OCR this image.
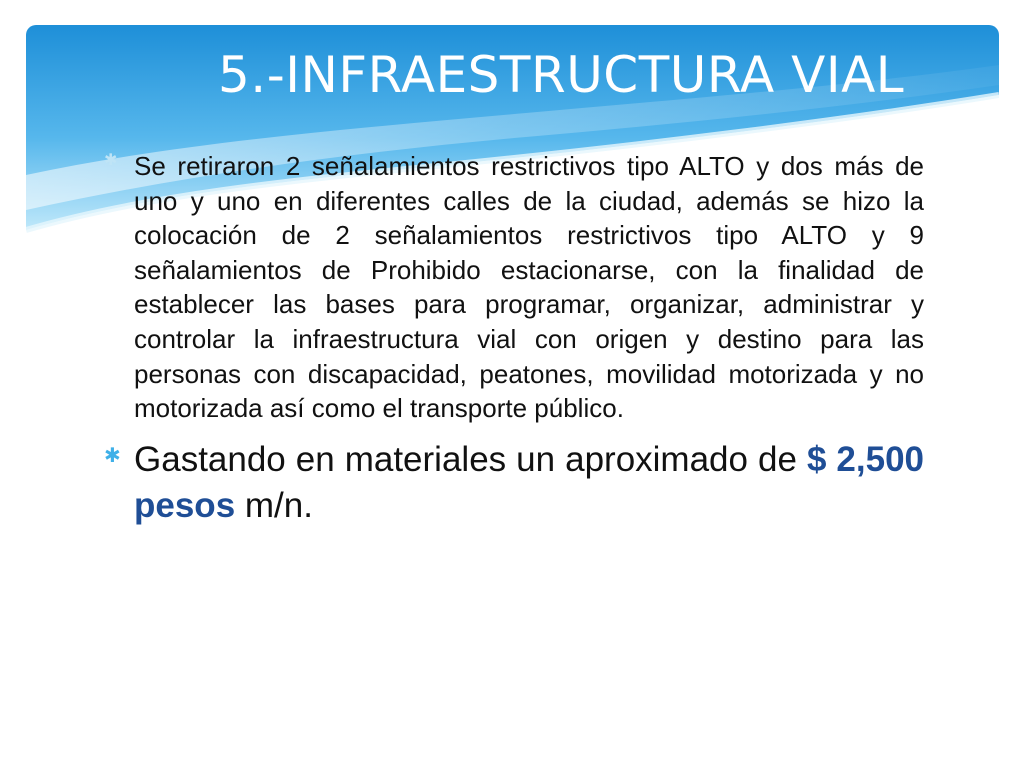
5.-INFRAESTRUCTURA VIAL
✱ Se retiraron 2 señalamientos restrictivos tipo ALTO y dos más de uno y uno en diferentes calles de la ciudad, además se hizo la colocación de 2 señalamientos restrictivos tipo ALTO y 9 señalamientos de Prohibido estacionarse, con la finalidad de establecer las bases para programar, organizar, administrar y controlar la infraestructura vial con origen y destino para las personas con discapacidad, peatones, movilidad motorizada y no motorizada así como el transporte público.
✱ Gastando en materiales un aproximado de $ 2,500 pesos m/n.
